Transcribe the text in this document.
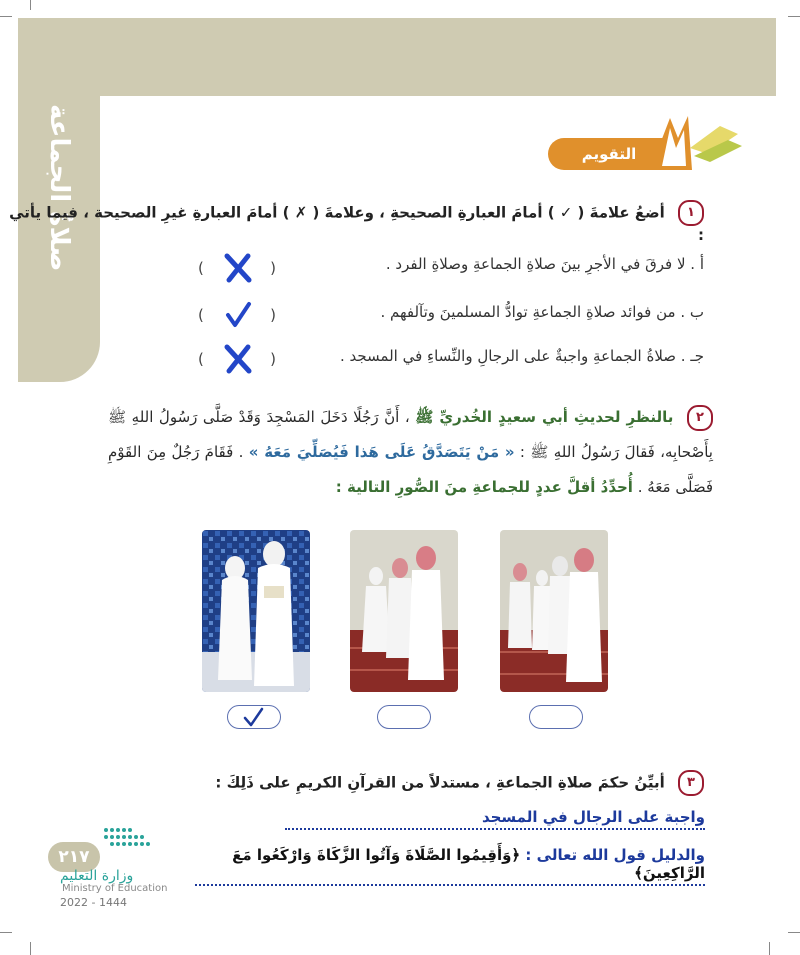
صلاةُ الجماعة	التقويم
١ أضعُ علامةَ ( ✓ ) أمامَ العبارةِ الصحيحةِ ، وعلامةَ ( ✗ ) أمامَ العبارةِ غيرِ الصحيحة ، فيما يأتي :
أ . لا فرقَ في الأجرِ بينَ صلاةِ الجماعةِ وصلاةِ الفرد .
(	)
ب . من فوائد صلاةِ الجماعةِ توادُّ المسلمينَ وتآلفهم .
(	)
جـ . صلاةُ الجماعةِ واجبةٌ على الرجالِ والنِّساءِ في المسجد .
(	)
٢ بالنظرِ لحديثِ أبي سعيدٍ الخُدريِّ ﷺ ، أَنَّ رَجُلًا دَخَلَ المَسْجِدَ وَقَدْ صَلَّى رَسُولُ اللهِ ﷺ بِأَصْحابِه، فَقالَ رَسُولُ اللهِ ﷺ : « مَنْ يَتَصَدَّقُ عَلَى هَذا فَيُصَلِّيَ مَعَهُ » . فَقَامَ رَجُلٌ مِنَ القَوْمِ فَصَلَّى مَعَهُ . أُحدِّدُ أقلَّ عددٍ للجماعةِ منَ الصُّورِ التالية :
٣ أبيِّنُ حكمَ صلاةِ الجماعةِ ، مستدلاً من القرآنِ الكريمِ على ذَلِكَ :
واجبة على الرجال في المسجد
والدليل قول الله تعالى : ﴿وَأَقِيمُوا الصَّلَاةَ وَآتُوا الزَّكَاةَ وَارْكَعُوا مَعَ الرَّاكِعِينَ﴾
٢١٧
وزارة التعليم
Ministry of Education
2022 - 1444
